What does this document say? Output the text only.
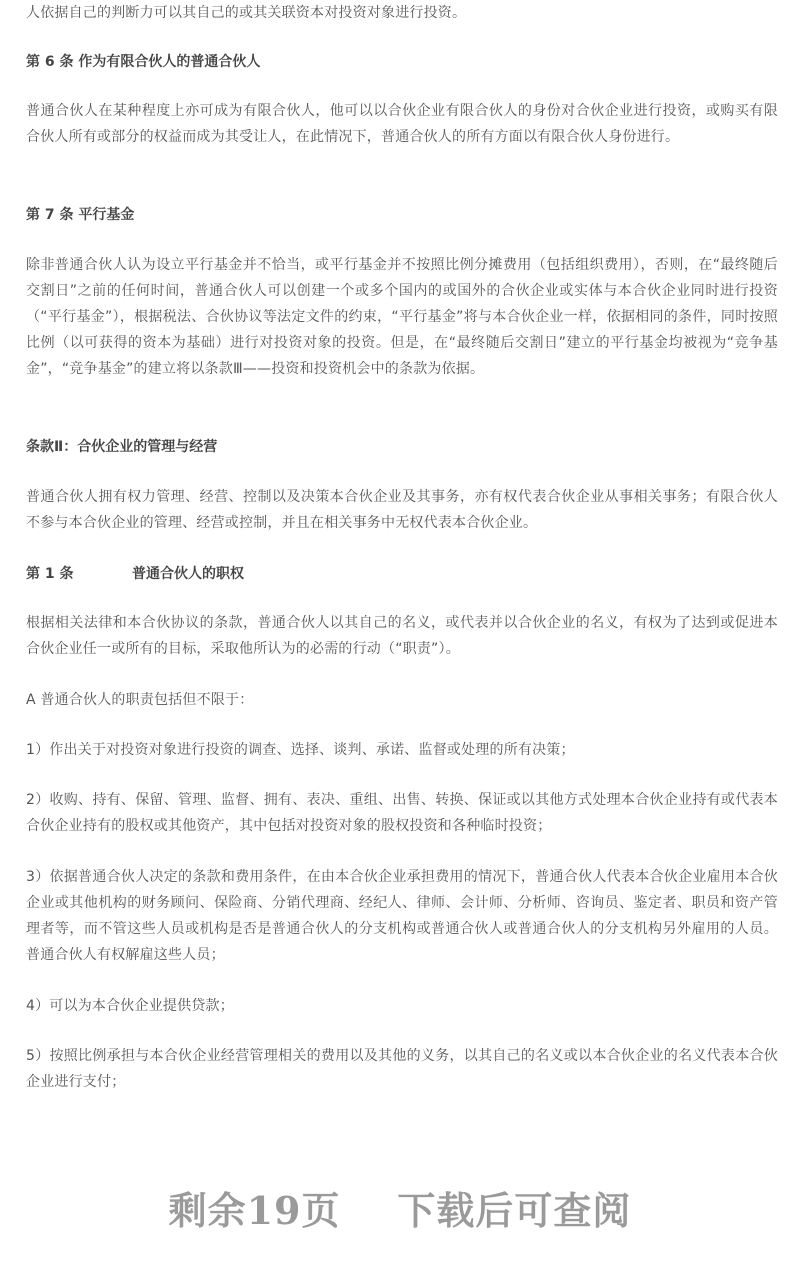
人依据自己的判断力可以其自己的或其关联资本对投资对象进行投资。

第 6 条 作为有限合伙人的普通合伙人

普通合伙人在某种程度上亦可成为有限合伙人，他可以以合伙企业有限合伙人的身份对合伙企业进行投资，或购买有限合伙人所有或部分的权益而成为其受让人，在此情况下，普通合伙人的所有方面以有限合伙人身份进行。

第 7 条 平行基金

除非普通合伙人认为设立平行基金并不恰当，或平行基金并不按照比例分摊费用（包括组织费用），否则，在“最终随后交割日”之前的任何时间，普通合伙人可以创建一个或多个国内的或国外的合伙企业或实体与本合伙企业同时进行投资（“平行基金”），根据税法、合伙协议等法定文件的约束，“平行基金”将与本合伙企业一样，依据相同的条件，同时按照比例（以可获得的资本为基础）进行对投资对象的投资。但是，在“最终随后交割日”建立的平行基金均被视为“竞争基金”，“竞争基金”的建立将以条款Ⅲ——投资和投资机会中的条款为依据。

条款Ⅱ：合伙企业的管理与经营

普通合伙人拥有权力管理、经营、控制以及决策本合伙企业及其事务，亦有权代表合伙企业从事相关事务；有限合伙人不参与本合伙企业的管理、经营或控制，并且在相关事务中无权代表本合伙企业。

第 1 条            普通合伙人的职权

根据相关法律和本合伙协议的条款，普通合伙人以其自己的名义，或代表并以合伙企业的名义，有权为了达到或促进本合伙企业任一或所有的目标，采取他所认为的必需的行动（“职责”）。

A 普通合伙人的职责包括但不限于：

1）作出关于对投资对象进行投资的调查、选择、谈判、承诺、监督或处理的所有决策；

2）收购、持有、保留、管理、监督、拥有、表决、重组、出售、转换、保证或以其他方式处理本合伙企业持有或代表本合伙企业持有的股权或其他资产，其中包括对投资对象的股权投资和各种临时投资；

3）依据普通合伙人决定的条款和费用条件，在由本合伙企业承担费用的情况下，普通合伙人代表本合伙企业雇用本合伙企业或其他机构的财务顾问、保险商、分销代理商、经纪人、律师、会计师、分析师、咨询员、鉴定者、职员和资产管理者等，而不管这些人员或机构是否是普通合伙人的分支机构或普通合伙人或普通合伙人的分支机构另外雇用的人员。普通合伙人有权解雇这些人员；

4）可以为本合伙企业提供贷款；

5）按照比例承担与本合伙企业经营管理相关的费用以及其他的义务，以其自己的名义或以本合伙企业的名义代表本合伙企业进行支付；

剩余19页    下载后可查阅
